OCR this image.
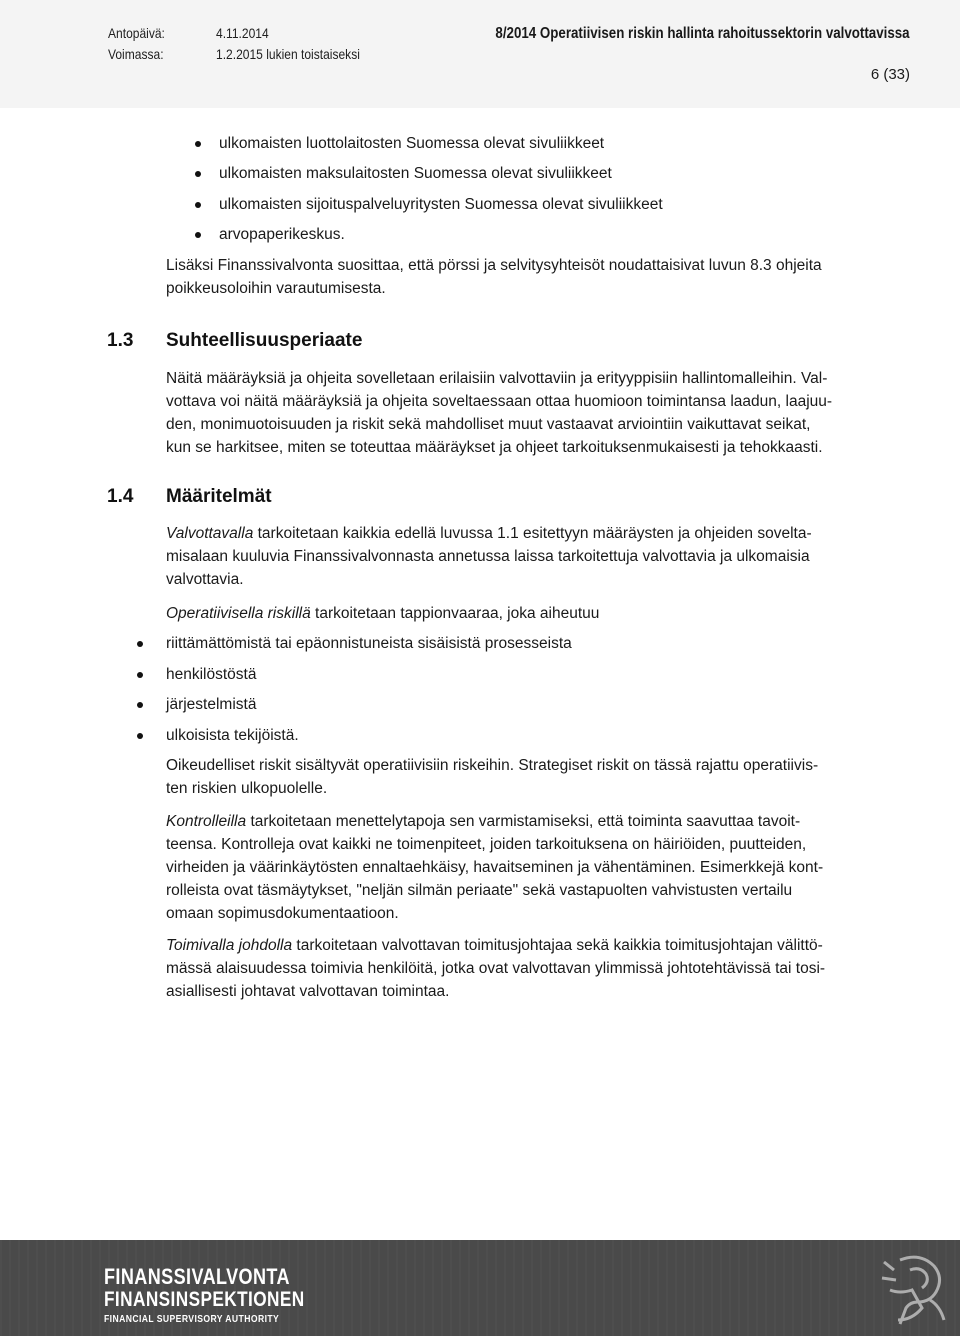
Antopäivä:	4.11.2014
Voimassa:	1.2.2015 lukien toistaiseksi
8/2014 Operatiivisen riskin hallinta rahoitussektorin valvottavissa
6 (33)
ulkomaisten luottolaitosten Suomessa olevat sivuliikkeet
ulkomaisten maksulaitosten Suomessa olevat sivuliikkeet
ulkomaisten sijoituspalveluyritysten Suomessa olevat sivuliikkeet
arvopaperikeskus.
Lisäksi Finanssivalvonta suosittaa, että pörssi ja selvitysyhteisöt noudattaisivat luvun 8.3 ohjeita
poikkeusoloihin varautumisesta.
1.3 Suhteellisuusperiaate
Näitä määräyksiä ja ohjeita sovelletaan erilaisiin valvottaviin ja erityyppisiin hallintomalleihin. Val-
vottava voi näitä määräyksiä ja ohjeita soveltaessaan ottaa huomioon toimintansa laadun, laajuu-
den, monimuotoisuuden ja riskit sekä mahdolliset muut vastaavat arviointiin vaikuttavat seikat,
kun se harkitsee, miten se toteuttaa määräykset ja ohjeet tarkoituksenmukaisesti ja tehokkaasti.
1.4 Määritelmät
Valvottavalla tarkoitetaan kaikkia edellä luvussa 1.1 esitettyyn määräysten ja ohjeiden sovelta-
misalaan kuuluvia Finanssivalvonnasta annetussa laissa tarkoitettuja valvottavia ja ulkomaisia
valvottavia.
Operatiivisella riskillä tarkoitetaan tappionvaaraa, joka aiheutuu
riittämättömistä tai epäonnistuneista sisäisistä prosesseista
henkilöstöstä
järjestelmistä
ulkoisista tekijöistä.
Oikeudelliset riskit sisältyvät operatiivisiin riskeihin. Strategiset riskit on tässä rajattu operatiivis-
ten riskien ulkopuolelle.
Kontrolleilla tarkoitetaan menettelytapoja sen varmistamiseksi, että toiminta saavuttaa tavoit-
teensa. Kontrolleja ovat kaikki ne toimenpiteet, joiden tarkoituksena on häiriöiden, puutteiden,
virheiden ja väärinkäytösten ennaltaehkäisy, havaitseminen ja vähentäminen. Esimerkkejä kont-
rolleista ovat täsmäytykset, "neljän silmän periaate" sekä vastapuolten vahvistusten vertailu
omaan sopimusdokumentaatioon.
Toimivalla johdolla tarkoitetaan valvottavan toimitusjohtajaa sekä kaikkia toimitusjohtajan välittö-
mässä alaisuudessa toimivia henkilöitä, jotka ovat valvottavan ylimmissä johtotehtävissä tai tosi-
asiallisesti johtavat valvottavan toimintaa.
FINANSSIVALVONTA
FINANSINSPEKTIONEN
FINANCIAL SUPERVISORY AUTHORITY
